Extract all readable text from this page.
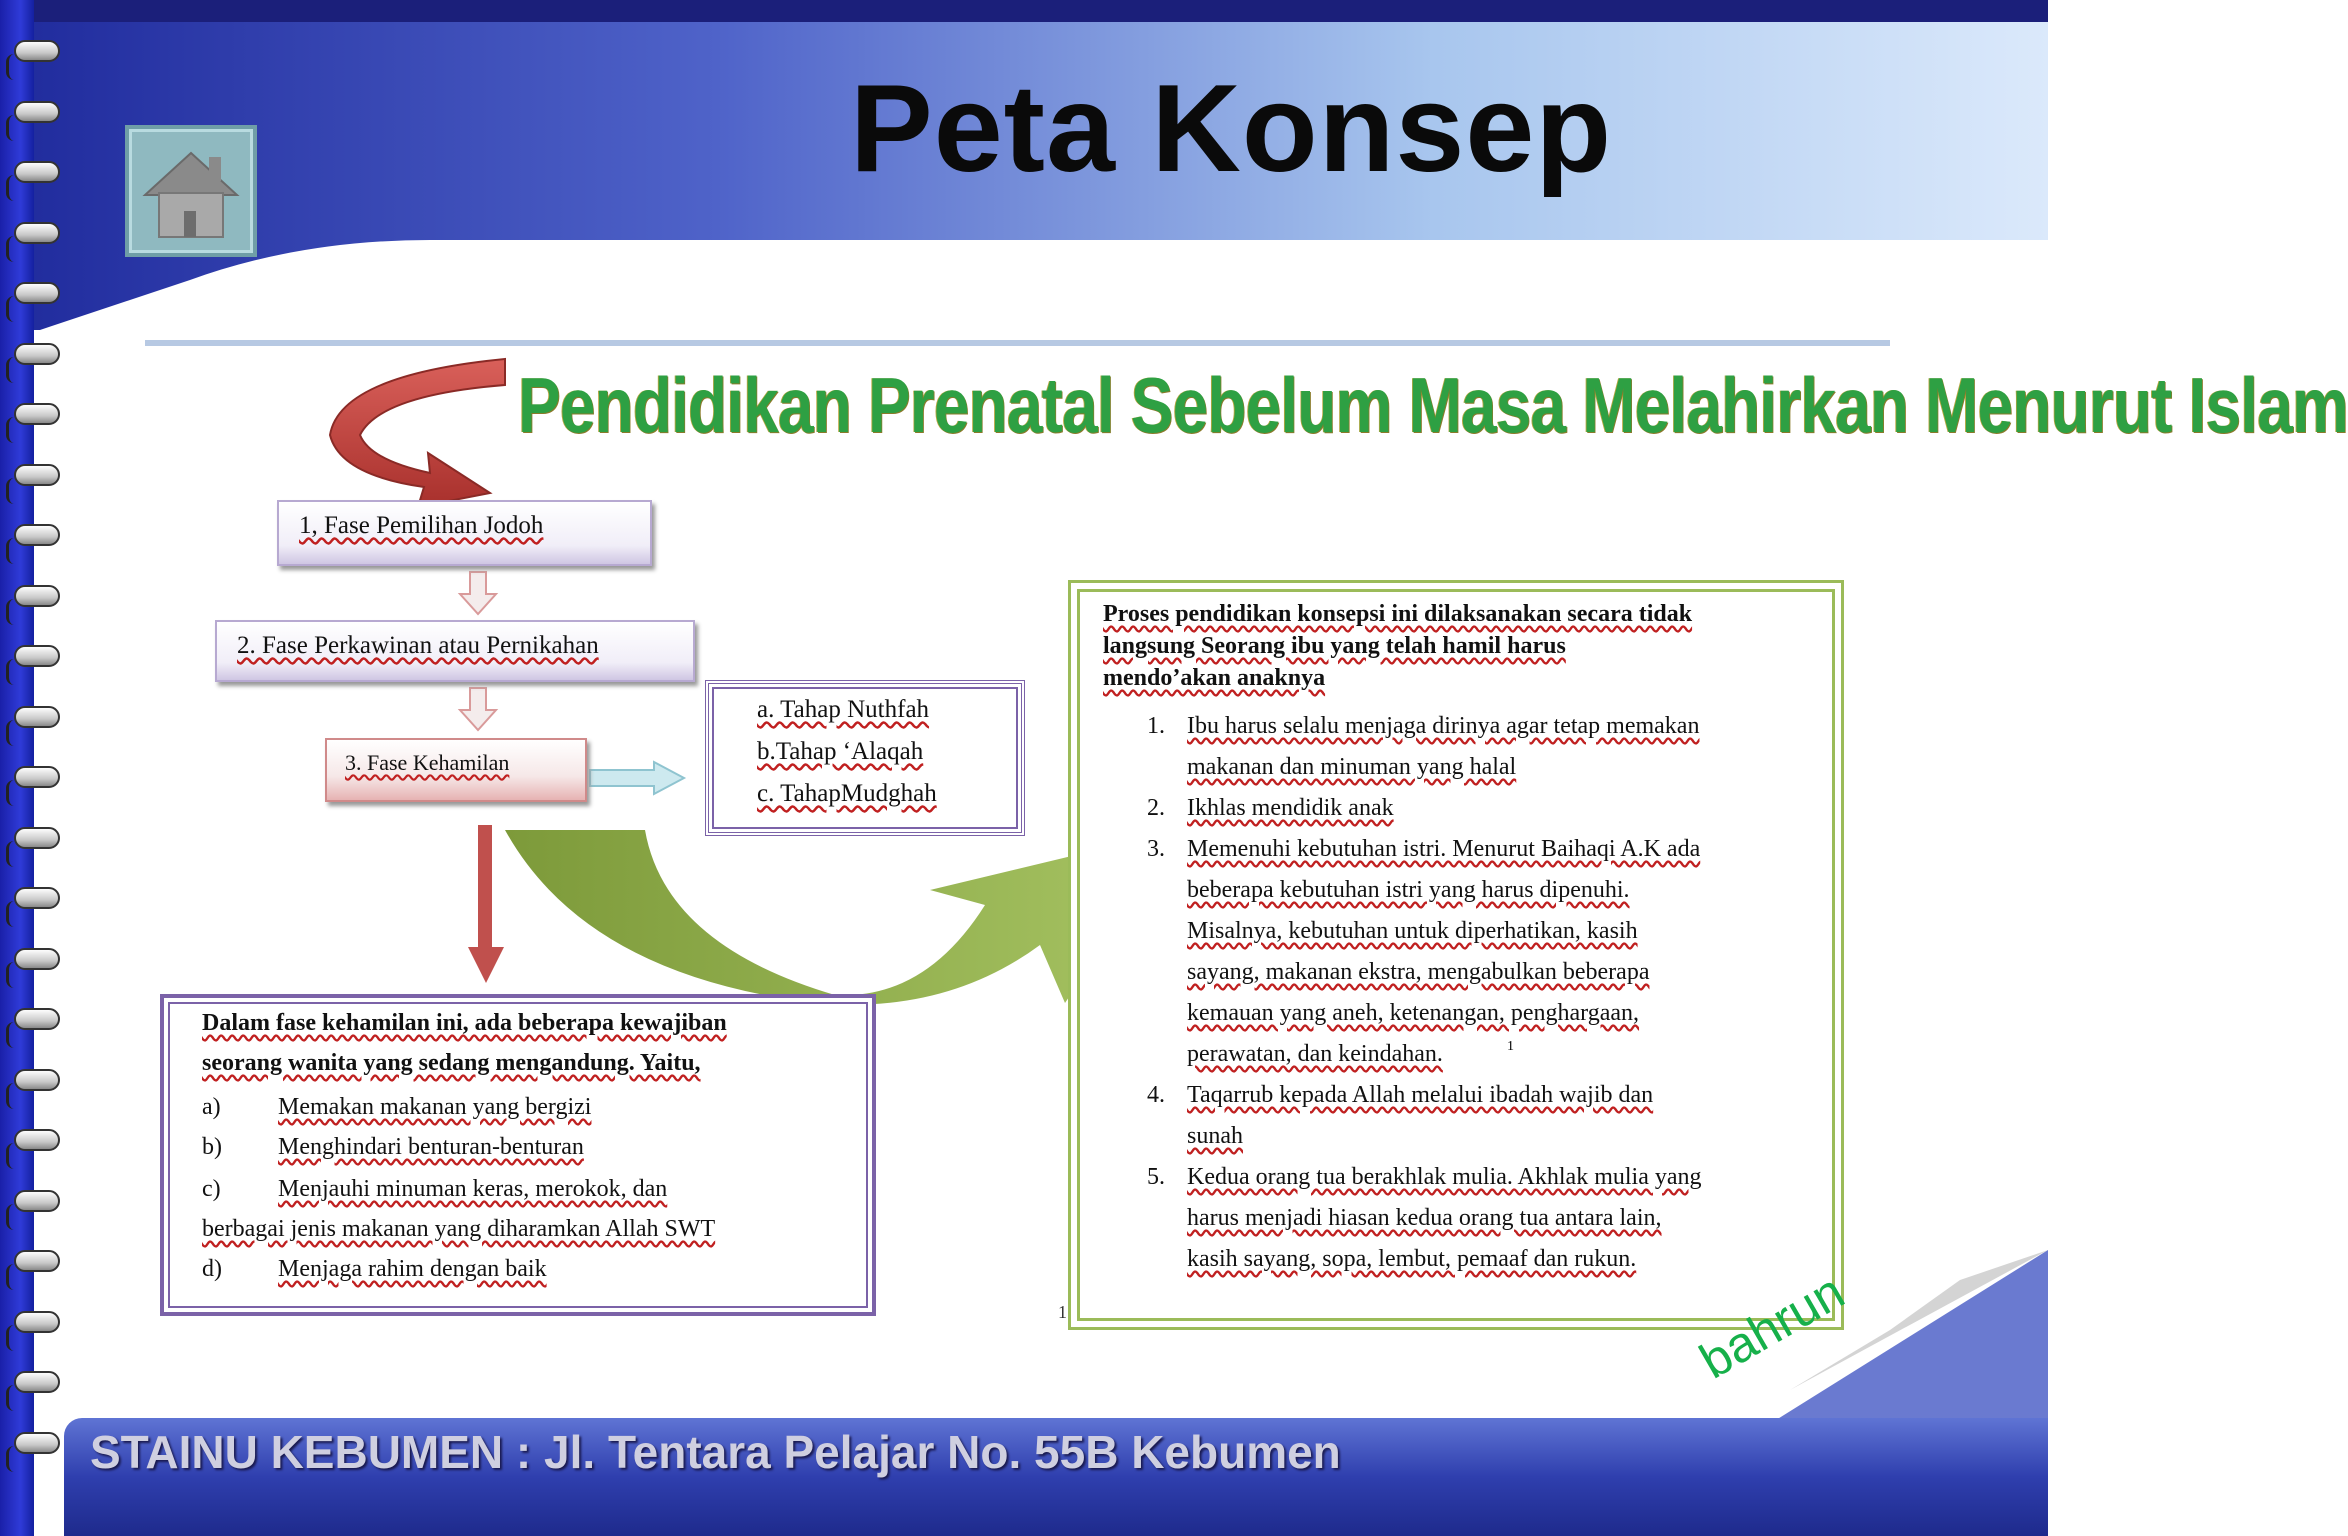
Peta Konsep
Pendidikan Prenatal Sebelum Masa Melahirkan Menurut Islam
1, Fase Pemilihan Jodoh
2. Fase Perkawinan atau Pernikahan
3. Fase Kehamilan
a. Tahap Nuthfah
b.Tahap ‘Alaqah
c. TahapMudghah
Dalam fase kehamilan ini, ada beberapa kewajiban
seorang wanita yang sedang mengandung. Yaitu,
a) Memakan makanan yang bergizi
b) Menghindari benturan-benturan
c) Menjauhi minuman keras, merokok, dan
berbagai jenis makanan yang diharamkan Allah SWT
d) Menjaga rahim dengan baik
Proses pendidikan konsepsi ini dilaksanakan secara tidak
langsung Seorang ibu yang telah hamil harus
mendo’akan anaknya
1. Ibu harus selalu menjaga dirinya agar tetap memakan
makanan dan minuman yang halal
2. Ikhlas mendidik anak
3. Memenuhi kebutuhan istri. Menurut Baihaqi A.K ada
beberapa kebutuhan istri yang harus dipenuhi.
Misalnya, kebutuhan untuk diperhatikan, kasih
sayang, makanan ekstra, mengabulkan beberapa
kemauan yang aneh, ketenangan, penghargaan,
perawatan, dan keindahan.	1
4. Taqarrub kepada Allah melalui ibadah wajib dan
sunah
5. Kedua orang tua berakhlak mulia. Akhlak mulia yang
harus menjadi hiasan kedua orang tua antara lain,
kasih sayang, sopa, lembut, pemaaf dan rukun.
1
STAINU KEBUMEN : Jl. Tentara Pelajar No. 55B Kebumen
bahrun
